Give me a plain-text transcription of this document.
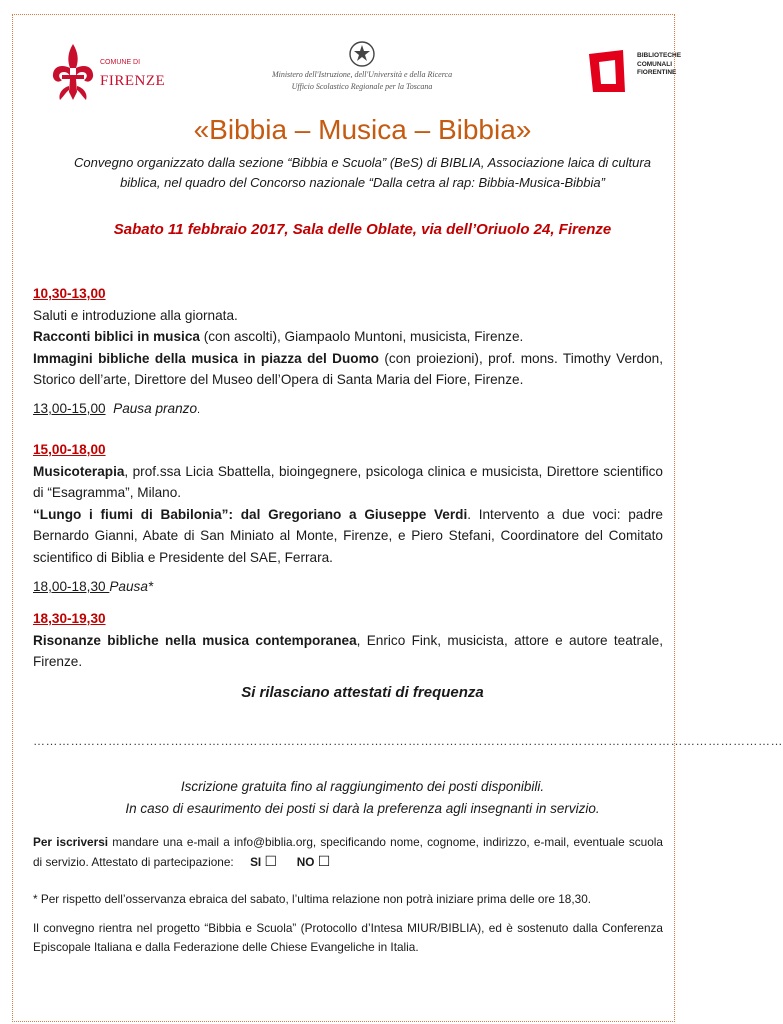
COMUNE DI
FIRENZE	Ministero dell'Istruzione, dell'Università e della Ricerca
Ufficio Scolastico Regionale per la Toscana
BIBLIOTECHE COMUNALI FIORENTINE
«Bibbia – Musica – Bibbia»
Convegno organizzato dalla sezione “Bibbia e Scuola” (BeS) di BIBLIA, Associazione laica di cultura
biblica, nel quadro del Concorso nazionale “Dalla cetra al rap: Bibbia-Musica-Bibbia”
Sabato 11 febbraio 2017, Sala delle Oblate, via dell’Oriuolo 24, Firenze
10,30-13,00
Saluti e introduzione alla giornata.
Racconti biblici in musica (con ascolti), Giampaolo Muntoni, musicista, Firenze.
Immagini bibliche della musica in piazza del Duomo (con proiezioni), prof. mons. Timothy Verdon, Storico dell’arte, Direttore del Museo dell’Opera di Santa Maria del Fiore, Firenze.
13,00-15,00 Pausa pranzo.
15,00-18,00
Musicoterapia, prof.ssa Licia Sbattella, bioingegnere, psicologa clinica e musicista, Direttore scientifico di “Esagramma”, Milano.
“Lungo i fiumi di Babilonia”: dal Gregoriano a Giuseppe Verdi. Intervento a due voci: padre Bernardo Gianni, Abate di San Miniato al Monte, Firenze, e Piero Stefani, Coordinatore del Comitato scientifico di Biblia e Presidente del SAE, Ferrara.
18,00-18,30 Pausa*
18,30-19,30
Risonanze bibliche nella musica contemporanea, Enrico Fink, musicista, attore e autore teatrale, Firenze.
Si rilasciano attestati di frequenza
………………………………………………………………………………………………………………………………………………………………
Iscrizione gratuita fino al raggiungimento dei posti disponibili.
In caso di esaurimento dei posti si darà la preferenza agli insegnanti in servizio.
Per iscriversi mandare una e-mail a info@biblia.org, specificando nome, cognome, indirizzo, e-mail, eventuale scuola di servizio. Attestato di partecipazione: SI ☐ NO ☐
* Per rispetto dell’osservanza ebraica del sabato, l’ultima relazione non potrà iniziare prima delle ore 18,30.
Il convegno rientra nel progetto “Bibbia e Scuola” (Protocollo d’Intesa MIUR/BIBLIA), ed è sostenuto dalla Conferenza Episcopale Italiana e dalla Federazione delle Chiese Evangeliche in Italia.
